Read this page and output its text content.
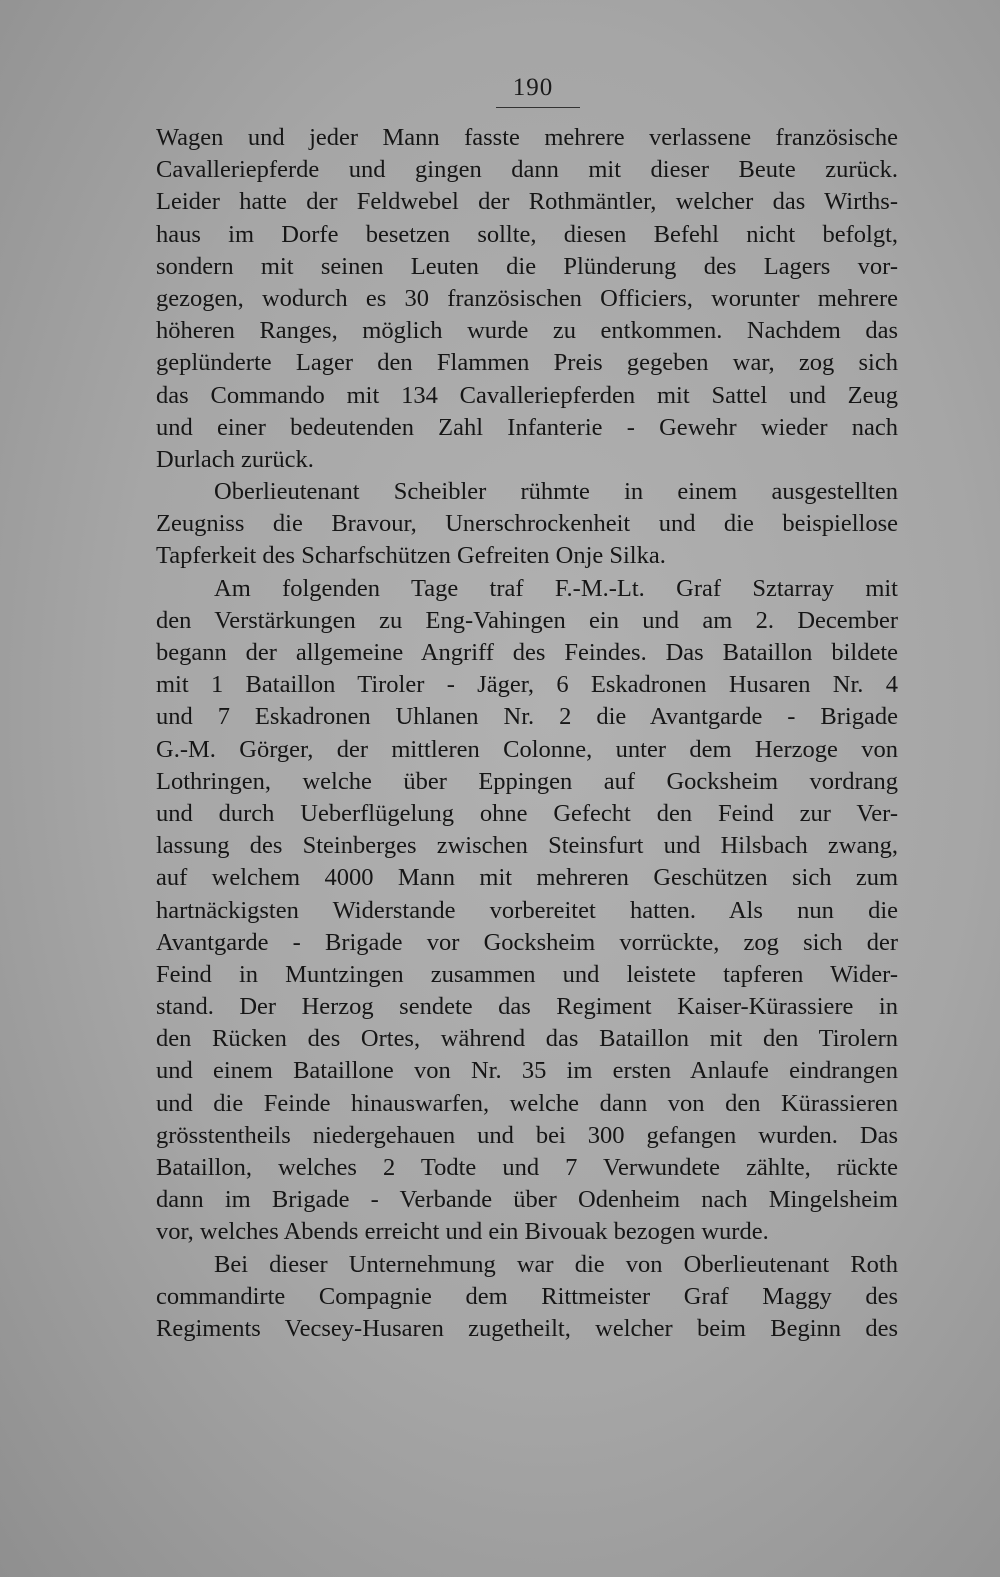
190
Wagen und jeder Mann fasste mehrere verlassene französische
Cavalleriepferde und gingen dann mit dieser Beute zurück.
Leider hatte der Feldwebel der Rothmäntler, welcher das Wirths-
haus im Dorfe besetzen sollte, diesen Befehl nicht befolgt,
sondern mit seinen Leuten die Plünderung des Lagers vor-
gezogen, wodurch es 30 französischen Officiers, worunter mehrere
höheren Ranges, möglich wurde zu entkommen. Nachdem das
geplünderte Lager den Flammen Preis gegeben war, zog sich
das Commando mit 134 Cavalleriepferden mit Sattel und Zeug
und einer bedeutenden Zahl Infanterie - Gewehr wieder nach
Durlach zurück.
Oberlieutenant Scheibler rühmte in einem ausgestellten
Zeugniss die Bravour, Unerschrockenheit und die beispiellose
Tapferkeit des Scharfschützen Gefreiten Onje Silka.
Am folgenden Tage traf F.-M.-Lt. Graf Sztarray mit
den Verstärkungen zu Eng-Vahingen ein und am 2. December
begann der allgemeine Angriff des Feindes. Das Bataillon bildete
mit 1 Bataillon Tiroler - Jäger, 6 Eskadronen Husaren Nr. 4
und 7 Eskadronen Uhlanen Nr. 2 die Avantgarde - Brigade
G.-M. Görger, der mittleren Colonne, unter dem Herzoge von
Lothringen, welche über Eppingen auf Gocksheim vordrang
und durch Ueberflügelung ohne Gefecht den Feind zur Ver-
lassung des Steinberges zwischen Steinsfurt und Hilsbach zwang,
auf welchem 4000 Mann mit mehreren Geschützen sich zum
hartnäckigsten Widerstande vorbereitet hatten. Als nun die
Avantgarde - Brigade vor Gocksheim vorrückte, zog sich der
Feind in Muntzingen zusammen und leistete tapferen Wider-
stand. Der Herzog sendete das Regiment Kaiser-Kürassiere in
den Rücken des Ortes, während das Bataillon mit den Tirolern
und einem Bataillone von Nr. 35 im ersten Anlaufe eindrangen
und die Feinde hinauswarfen, welche dann von den Kürassieren
grösstentheils niedergehauen und bei 300 gefangen wurden. Das
Bataillon, welches 2 Todte und 7 Verwundete zählte, rückte
dann im Brigade - Verbande über Odenheim nach Mingelsheim
vor, welches Abends erreicht und ein Bivouak bezogen wurde.
Bei dieser Unternehmung war die von Oberlieutenant Roth
commandirte Compagnie dem Rittmeister Graf Maggy des
Regiments Vecsey-Husaren zugetheilt, welcher beim Beginn des
